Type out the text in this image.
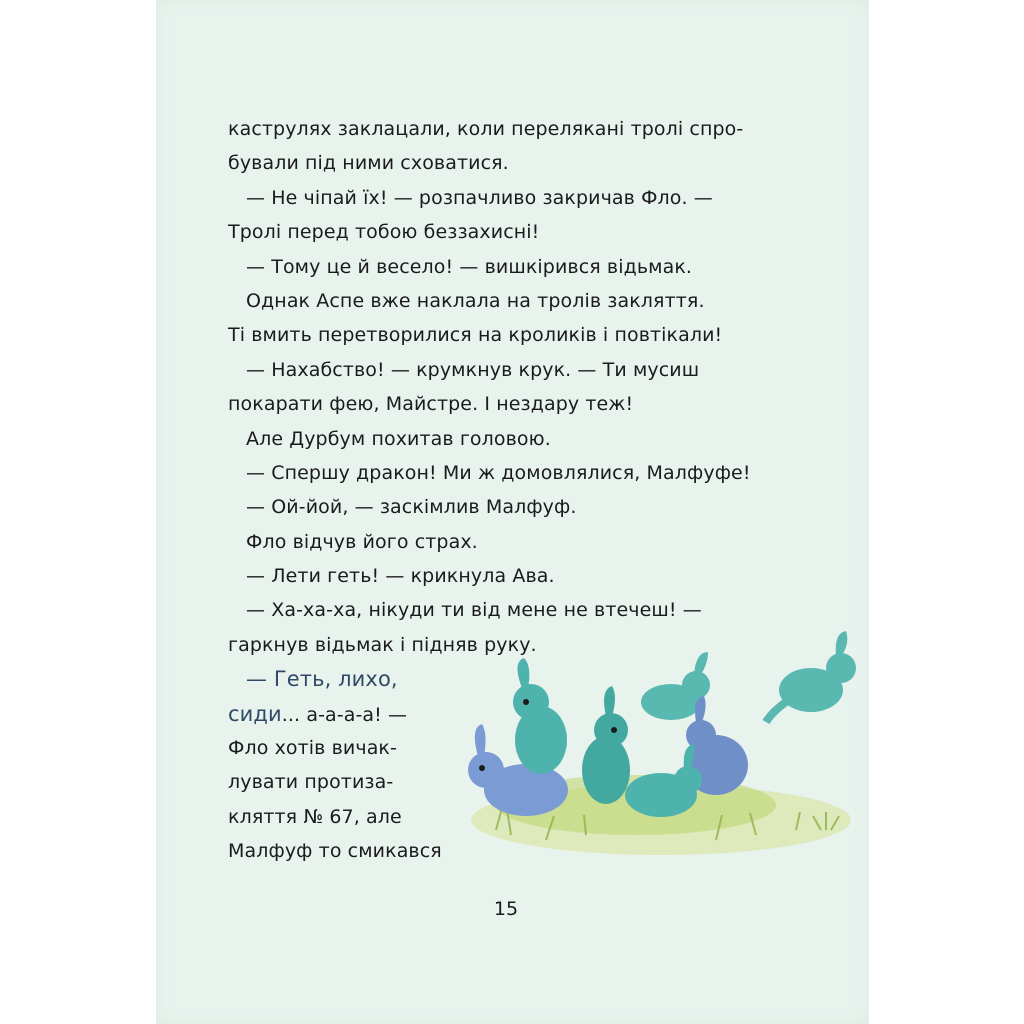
каструлях заклацали, коли перелякані тролі спро-
бували під ними сховатися.
— Не чіпай їх! — розпачливо закричав Фло. —
Тролі перед тобою беззахисні!
— Тому це й весело! — вишкірився відьмак.
Однак Аспе вже наклала на тролів закляття.
Ті вмить перетворилися на кроликів і повтікали!
— Нахабство! — крумкнув крук. — Ти мусиш
покарати фею, Майстре. І нездару теж!
Але Дурбум похитав головою.
— Спершу дракон! Ми ж домовлялися, Малфуфе!
— Ой-йой, — заскімлив Малфуф.
Фло відчув його страх.
— Лети геть! — крикнула Ава.
— Ха-ха-ха, нікуди ти від мене не втечеш! —
гаркнув відьмак і підняв руку.
— Геть, лихо,
сиди... а-а-а-а! —
Фло хотів вичак-
лувати протиза-
кляття № 67, але
Малфуф то смикався
15
